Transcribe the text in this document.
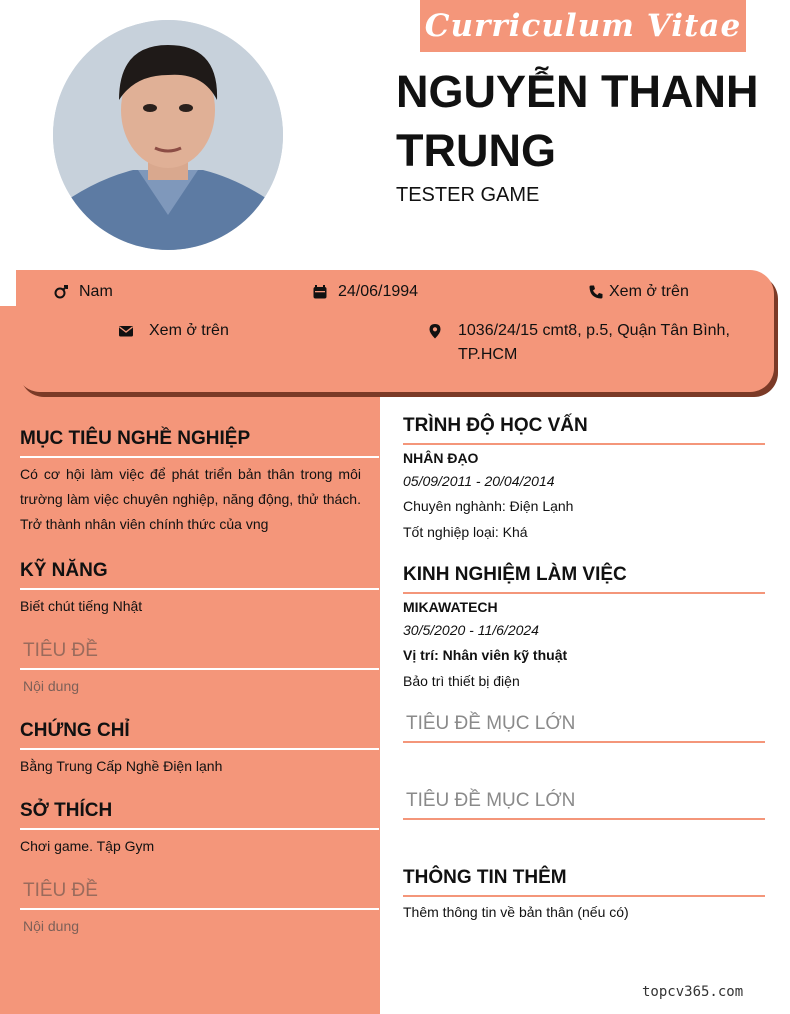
Curriculum Vitae
NGUYỄN THANH TRUNG
TESTER GAME
Nam	24/06/1994	Xem ở trên
Xem ở trên	1036/24/15 cmt8, p.5, Quận Tân Bình, TP.HCM
MỤC TIÊU NGHỀ NGHIỆP
Có cơ hội làm việc để phát triển bản thân trong môi trường làm việc chuyên nghiệp, năng động, thử thách. Trở thành nhân viên chính thức của vng
KỸ NĂNG
Biết chút tiếng Nhật
TIÊU ĐỀ
Nội dung
CHỨNG CHỈ
Bằng Trung Cấp Nghề Điện lạnh
SỞ THÍCH
Chơi game. Tập Gym
TIÊU ĐỀ
Nội dung
TRÌNH ĐỘ HỌC VẤN
NHÂN ĐẠO
05/09/2011 - 20/04/2014
Chuyên nghành: Điện Lạnh
Tốt nghiệp loại: Khá
KINH NGHIỆM LÀM VIỆC
MIKAWATECH
30/5/2020 - 11/6/2024
Vị trí: Nhân viên kỹ thuật
Bảo trì thiết bị điện
TIÊU ĐỀ MỤC LỚN
TIÊU ĐỀ MỤC LỚN
THÔNG TIN THÊM
Thêm thông tin về bản thân (nếu có)
topcv365.com
